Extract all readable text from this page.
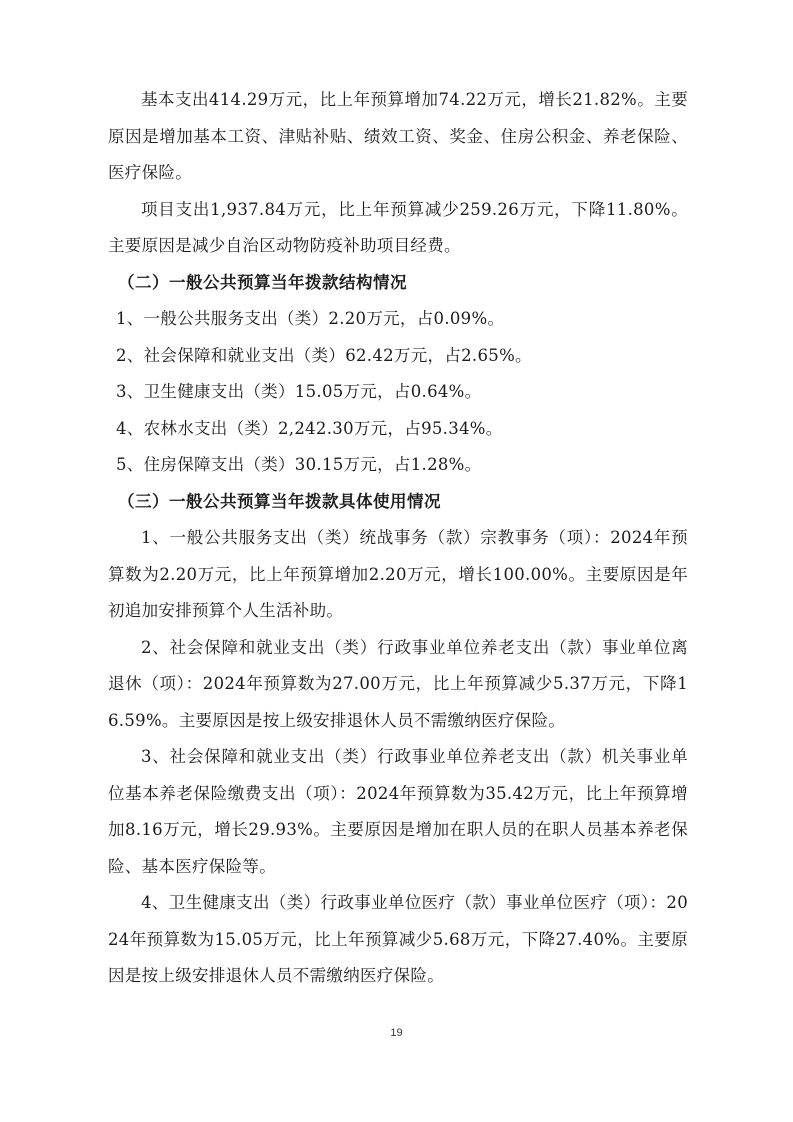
基本支出414.29万元，比上年预算增加74.22万元，增长21.82%。主要原因是增加基本工资、津贴补贴、绩效工资、奖金、住房公积金、养老保险、医疗保险。

项目支出1,937.84万元，比上年预算减少259.26万元，下降11.80%。主要原因是减少自治区动物防疫补助项目经费。

（二）一般公共预算当年拨款结构情况

1、一般公共服务支出（类）2.20万元，占0.09%。

2、社会保障和就业支出（类）62.42万元，占2.65%。

3、卫生健康支出（类）15.05万元，占0.64%。

4、农林水支出（类）2,242.30万元，占95.34%。

5、住房保障支出（类）30.15万元，占1.28%。

（三）一般公共预算当年拨款具体使用情况

1、一般公共服务支出（类）统战事务（款）宗教事务（项）：2024年预算数为2.20万元，比上年预算增加2.20万元，增长100.00%。主要原因是年初追加安排预算个人生活补助。

2、社会保障和就业支出（类）行政事业单位养老支出（款）事业单位离退休（项）：2024年预算数为27.00万元，比上年预算减少5.37万元，下降16.59%。主要原因是按上级安排退休人员不需缴纳医疗保险。

3、社会保障和就业支出（类）行政事业单位养老支出（款）机关事业单位基本养老保险缴费支出（项）：2024年预算数为35.42万元，比上年预算增加8.16万元，增长29.93%。主要原因是增加在职人员的在职人员基本养老保险、基本医疗保险等。

4、卫生健康支出（类）行政事业单位医疗（款）事业单位医疗（项）：2024年预算数为15.05万元，比上年预算减少5.68万元，下降27.40%。主要原因是按上级安排退休人员不需缴纳医疗保险。

19
